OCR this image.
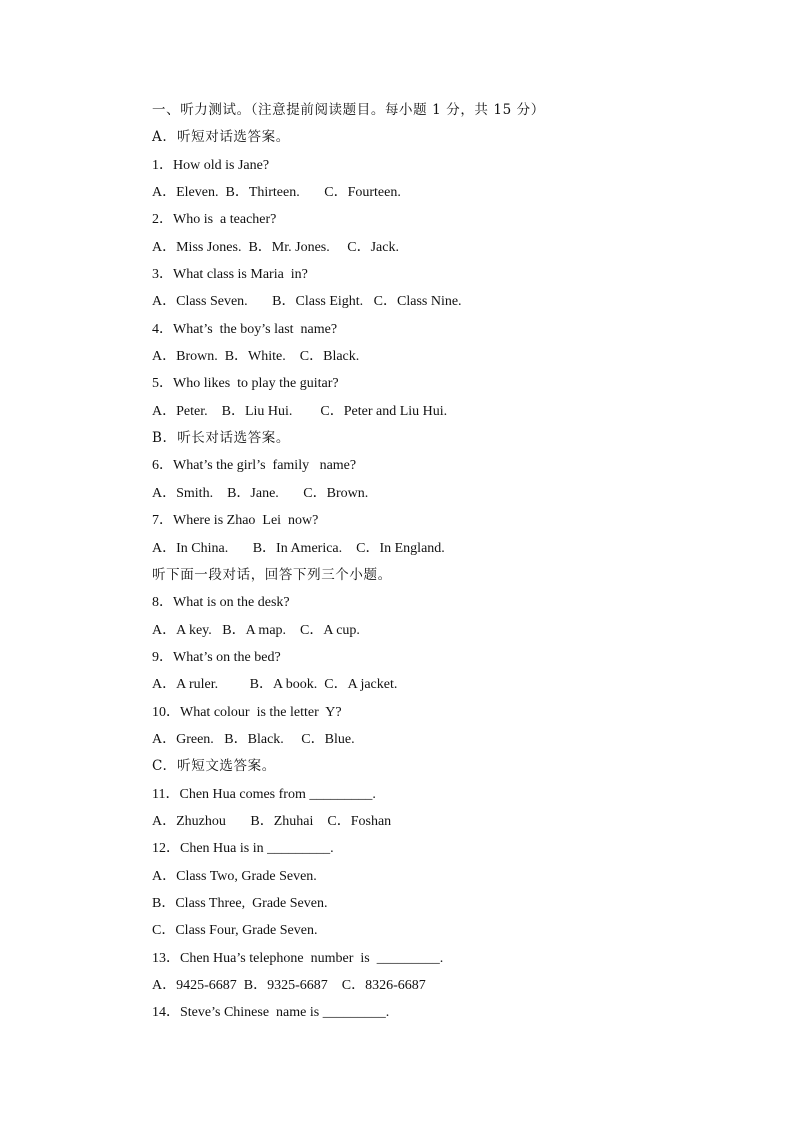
一、听力测试。（注意提前阅读题目。每小题 1 分，共 15 分）
A.  听短对话选答案。
1．How old is Jane?
A．Eleven.  B．Thirteen.       C．Fourteen.
2．Who is  a teacher?
A．Miss Jones.  B．Mr. Jones.     C．Jack.
3．What class is Maria  in?
A．Class Seven.       B．Class Eight.   C．Class Nine.
4．What’s  the boy’s last  name?
A．Brown.  B．White.    C．Black.
5．Who likes  to play the guitar?
A．Peter.    B．Liu Hui.        C．Peter and Liu Hui.
B.  听长对话选答案。
6．What’s the girl’s  family   name?
A．Smith.    B．Jane.       C．Brown.
7．Where is Zhao  Lei  now?
A．In China.       B．In America.    C．In England.
听下面一段对话，回答下列三个小题。
8．What is on the desk?
A．A key.   B．A map.    C．A cup.
9．What’s on the bed?
A．A ruler.         B．A book.  C．A jacket.
10．What colour  is the letter  Y?
A．Green.   B．Black.     C．Blue.
C.  听短文选答案。
11．Chen Hua comes from _________.
A．Zhuzhou       B．Zhuhai    C．Foshan
12．Chen Hua is in _________.
A．Class Two, Grade Seven.
B．Class Three,  Grade Seven.
C．Class Four, Grade Seven.
13．Chen Hua’s telephone  number  is  _________.
A．9425-6687  B．9325-6687    C．8326-6687
14．Steve’s Chinese  name is _________.
